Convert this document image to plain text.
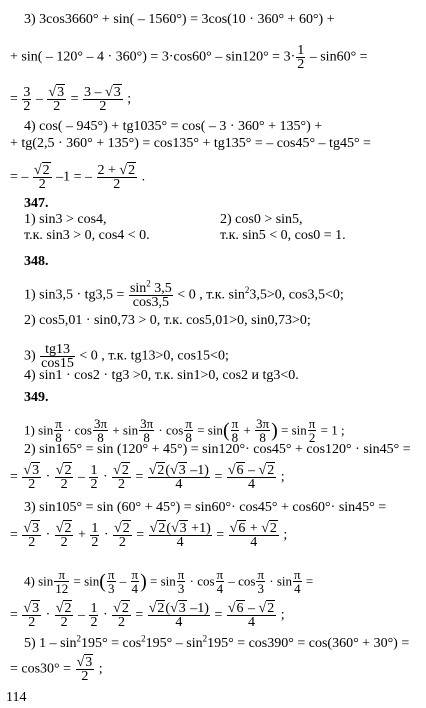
3) 3cos3660° + sin( – 1560°) = 3cos(10 · 360° + 60°) +
+ $\sin( - 120^\circ - 4 \cdot 360^\circ) = 3\cdot\cos 60^\circ - \sin 120^\circ = 3\cdot \frac{1}{2} - \sin 60^\circ$ =
= $\frac{3}{2}$ – √ $\frac{3}{2} = \frac{3 - √ 3}{2}$ ;
4) cos( – 945°) + tg1035° = cos( – 3 · 360° + 135°) +
+ tg(2,5 · 360° + 135°) = cos135° + tg135° = – cos45° – tg45° =
= – √ $\frac{2}{2} -1$ = – $\frac{2 + √ 2}{2}$ .
347.
1) sin3 > cos4,
т.к. sin3 > 0, cos4 < 0.
2) cos0 > sin5,
т.к. sin5 < 0, cos0 = 1.
348.
1) $\sin 3,5 \cdot tg3,5 = \frac{\sin^2 3,5}{\cos 3,5} < 0$ , т.к. $\sin^23,5>0$, cos3,5<0;
2) cos5,01 · sin0,73 > 0, т.к. cos5,01>0, sin0,73>0;
$3) \frac{tg13}{\cos 15} < 0$ , т.к. tg13>0, cos15<0;
4) sin1 · cos2 · tg3 >0, т.к. sin1>0, cos2 и tg3<0.
349.
1) $\sin \frac{\pi}{8} \cdot \cos \frac{3\pi}{8} + \sin \frac{3\pi}{8} \cdot \cos \frac{\pi}{8} = \sin( \frac{\pi}{8} + \frac{3\pi}{8}$ ) = $\sin \frac{\pi}{2} = 1$ ;
2) sin165° = sin (120° + 45°) = sin120°· cos45° + cos120° · sin45° =
= √ $\frac{3}{2}$ · √ $\frac{2}{2} - \frac{1}{2}$ · √ $\frac{2}{2}$ = √ $\frac{2( √ 3 -1)}{4}$ = √ $\frac{6 - √ 2}{4}$ ;
3) sin105° = sin (60° + 45°) = sin60°· cos45° + cos60°· sin45° =
= √ $\frac{3}{2}$ · √ $\frac{2}{2} + \frac{1}{2}$ · √ $\frac{2}{2}$ = √ $\frac{2( √ 3 +1)}{4}$ = √ $\frac{6 + √ 2}{4}$ ;
4) $\sin \frac{\pi}{12} = \sin( \frac{\pi}{3} - \frac{\pi}{4}$ ) = $\sin \frac{\pi}{3} \cdot \cos \frac{\pi}{4} - \cos \frac{\pi}{3} \cdot \sin \frac{\pi}{4}$ =
= √ $\frac{3}{2}$ · √ $\frac{2}{2} - \frac{1}{2}$ · √ $\frac{2}{2}$ = √ $\frac{2( √ 3 -1)}{4}$ = √ $\frac{6 - √ 2}{4}$ ;
5) $1 - \sin^2195^\circ = \cos^2195^\circ - \sin^2195^\circ = \cos 390^\circ = \cos(360^\circ + 30^\circ)$ =
= cos30° = √ $\frac{3}{2}$ ;
114
